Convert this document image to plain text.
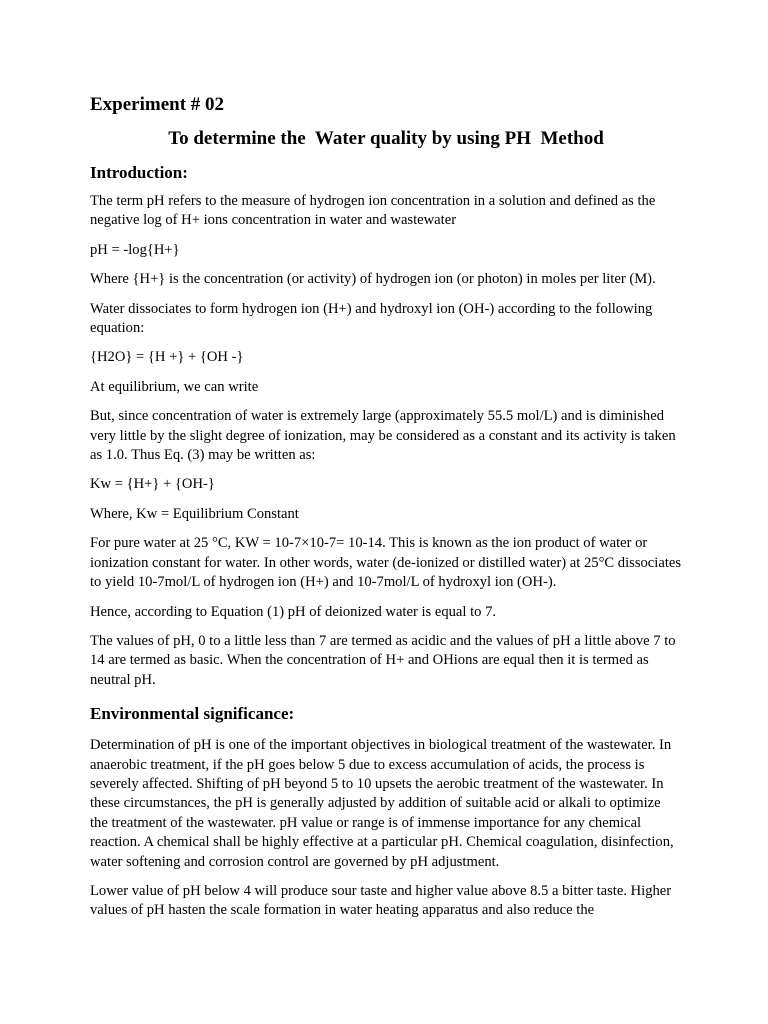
Experiment # 02
To determine the  Water quality by using PH  Method
Introduction:

The term pH refers to the measure of hydrogen ion concentration in a solution and defined as the negative log of H+ ions concentration in water and wastewater

pH = -log{H+}

Where {H+} is the concentration (or activity) of hydrogen ion (or photon) in moles per liter (M).

Water dissociates to form hydrogen ion (H+) and hydroxyl ion (OH-) according to the following equation:

{H2O} = {H +} + {OH -}

At equilibrium, we can write

But, since concentration of water is extremely large (approximately 55.5 mol/L) and is diminished very little by the slight degree of ionization, may be considered as a constant and its activity is taken as 1.0. Thus Eq. (3) may be written as:

Kw = {H+} + {OH-}

Where, Kw = Equilibrium Constant

For pure water at 25 °C, KW = 10-7×10-7= 10-14. This is known as the ion product of water or ionization constant for water. In other words, water (de-ionized or distilled water) at 25°C dissociates to yield 10-7mol/L of hydrogen ion (H+) and 10-7mol/L of hydroxyl ion (OH-).

Hence, according to Equation (1) pH of deionized water is equal to 7.

The values of pH, 0 to a little less than 7 are termed as acidic and the values of pH a little above 7 to 14 are termed as basic. When the concentration of H+ and OHions are equal then it is termed as neutral pH.

Environmental significance:

Determination of pH is one of the important objectives in biological treatment of the wastewater. In anaerobic treatment, if the pH goes below 5 due to excess accumulation of acids, the process is severely affected. Shifting of pH beyond 5 to 10 upsets the aerobic treatment of the wastewater. In these circumstances, the pH is generally adjusted by addition of suitable acid or alkali to optimize the treatment of the wastewater. pH value or range is of immense importance for any chemical reaction. A chemical shall be highly effective at a particular pH. Chemical coagulation, disinfection, water softening and corrosion control are governed by pH adjustment.

Lower value of pH below 4 will produce sour taste and higher value above 8.5 a bitter taste. Higher values of pH hasten the scale formation in water heating apparatus and also reduce the
